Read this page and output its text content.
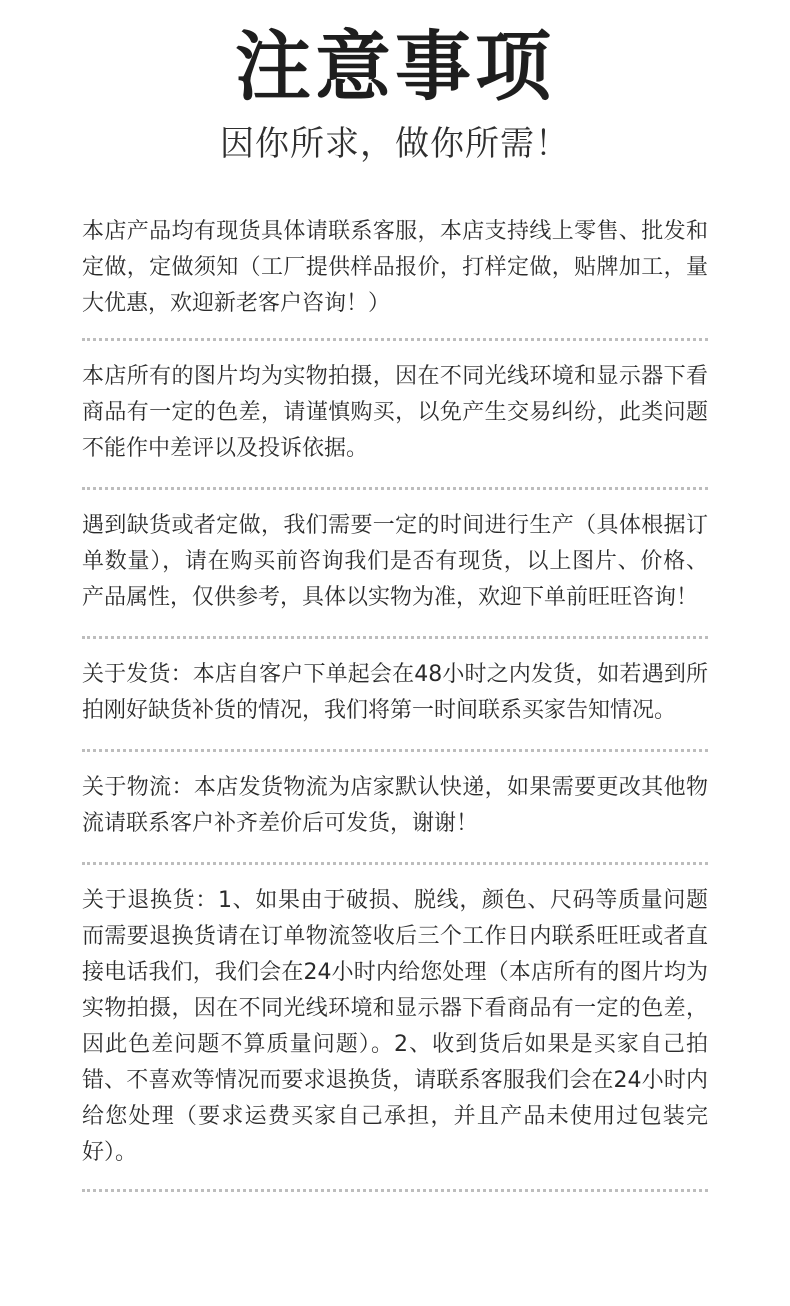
注意事项
因你所求，做你所需！

本店产品均有现货具体请联系客服，本店支持线上零售、批发和定做，定做须知（工厂提供样品报价，打样定做，贴牌加工，量大优惠，欢迎新老客户咨询！）

本店所有的图片均为实物拍摄，因在不同光线环境和显示器下看商品有一定的色差，请谨慎购买，以免产生交易纠纷，此类问题不能作中差评以及投诉依据。

遇到缺货或者定做，我们需要一定的时间进行生产（具体根据订单数量），请在购买前咨询我们是否有现货，以上图片、价格、产品属性，仅供参考，具体以实物为准，欢迎下单前旺旺咨询！

关于发货：本店自客户下单起会在48小时之内发货，如若遇到所拍刚好缺货补货的情况，我们将第一时间联系买家告知情况。

关于物流：本店发货物流为店家默认快递，如果需要更改其他物流请联系客户补齐差价后可发货，谢谢！

关于退换货：1、如果由于破损、脱线，颜色、尺码等质量问题而需要退换货请在订单物流签收后三个工作日内联系旺旺或者直接电话我们，我们会在24小时内给您处理（本店所有的图片均为实物拍摄，因在不同光线环境和显示器下看商品有一定的色差，因此色差问题不算质量问题）。2、收到货后如果是买家自己拍错、不喜欢等情况而要求退换货，请联系客服我们会在24小时内给您处理（要求运费买家自己承担，并且产品未使用过包装完好）。
